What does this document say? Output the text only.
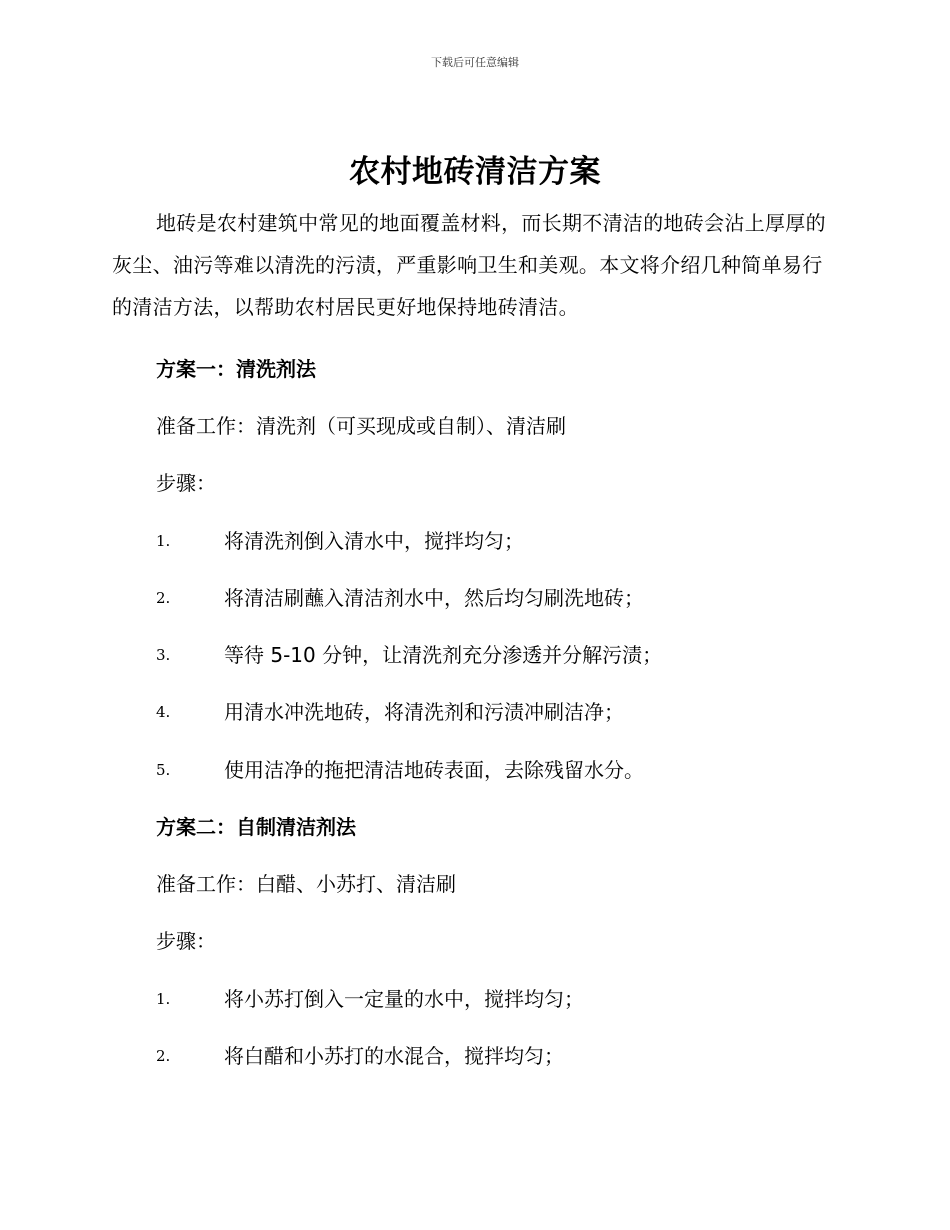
下载后可任意编辑
农村地砖清洁方案

地砖是农村建筑中常见的地面覆盖材料，而长期不清洁的地砖会沾上厚厚的灰尘、油污等难以清洗的污渍，严重影响卫生和美观。本文将介绍几种简单易行的清洁方法，以帮助农村居民更好地保持地砖清洁。

方案一：清洗剂法
准备工作：清洗剂（可买现成或自制）、清洁刷
步骤：
1.	将清洗剂倒入清水中，搅拌均匀；
2.	将清洁刷蘸入清洁剂水中，然后均匀刷洗地砖；
3.	等待 5-10 分钟，让清洗剂充分渗透并分解污渍；
4.	用清水冲洗地砖，将清洗剂和污渍冲刷洁净；
5.	使用洁净的拖把清洁地砖表面，去除残留水分。
方案二：自制清洁剂法
准备工作：白醋、小苏打、清洁刷
步骤：
1.	将小苏打倒入一定量的水中，搅拌均匀；
2.	将白醋和小苏打的水混合，搅拌均匀；
